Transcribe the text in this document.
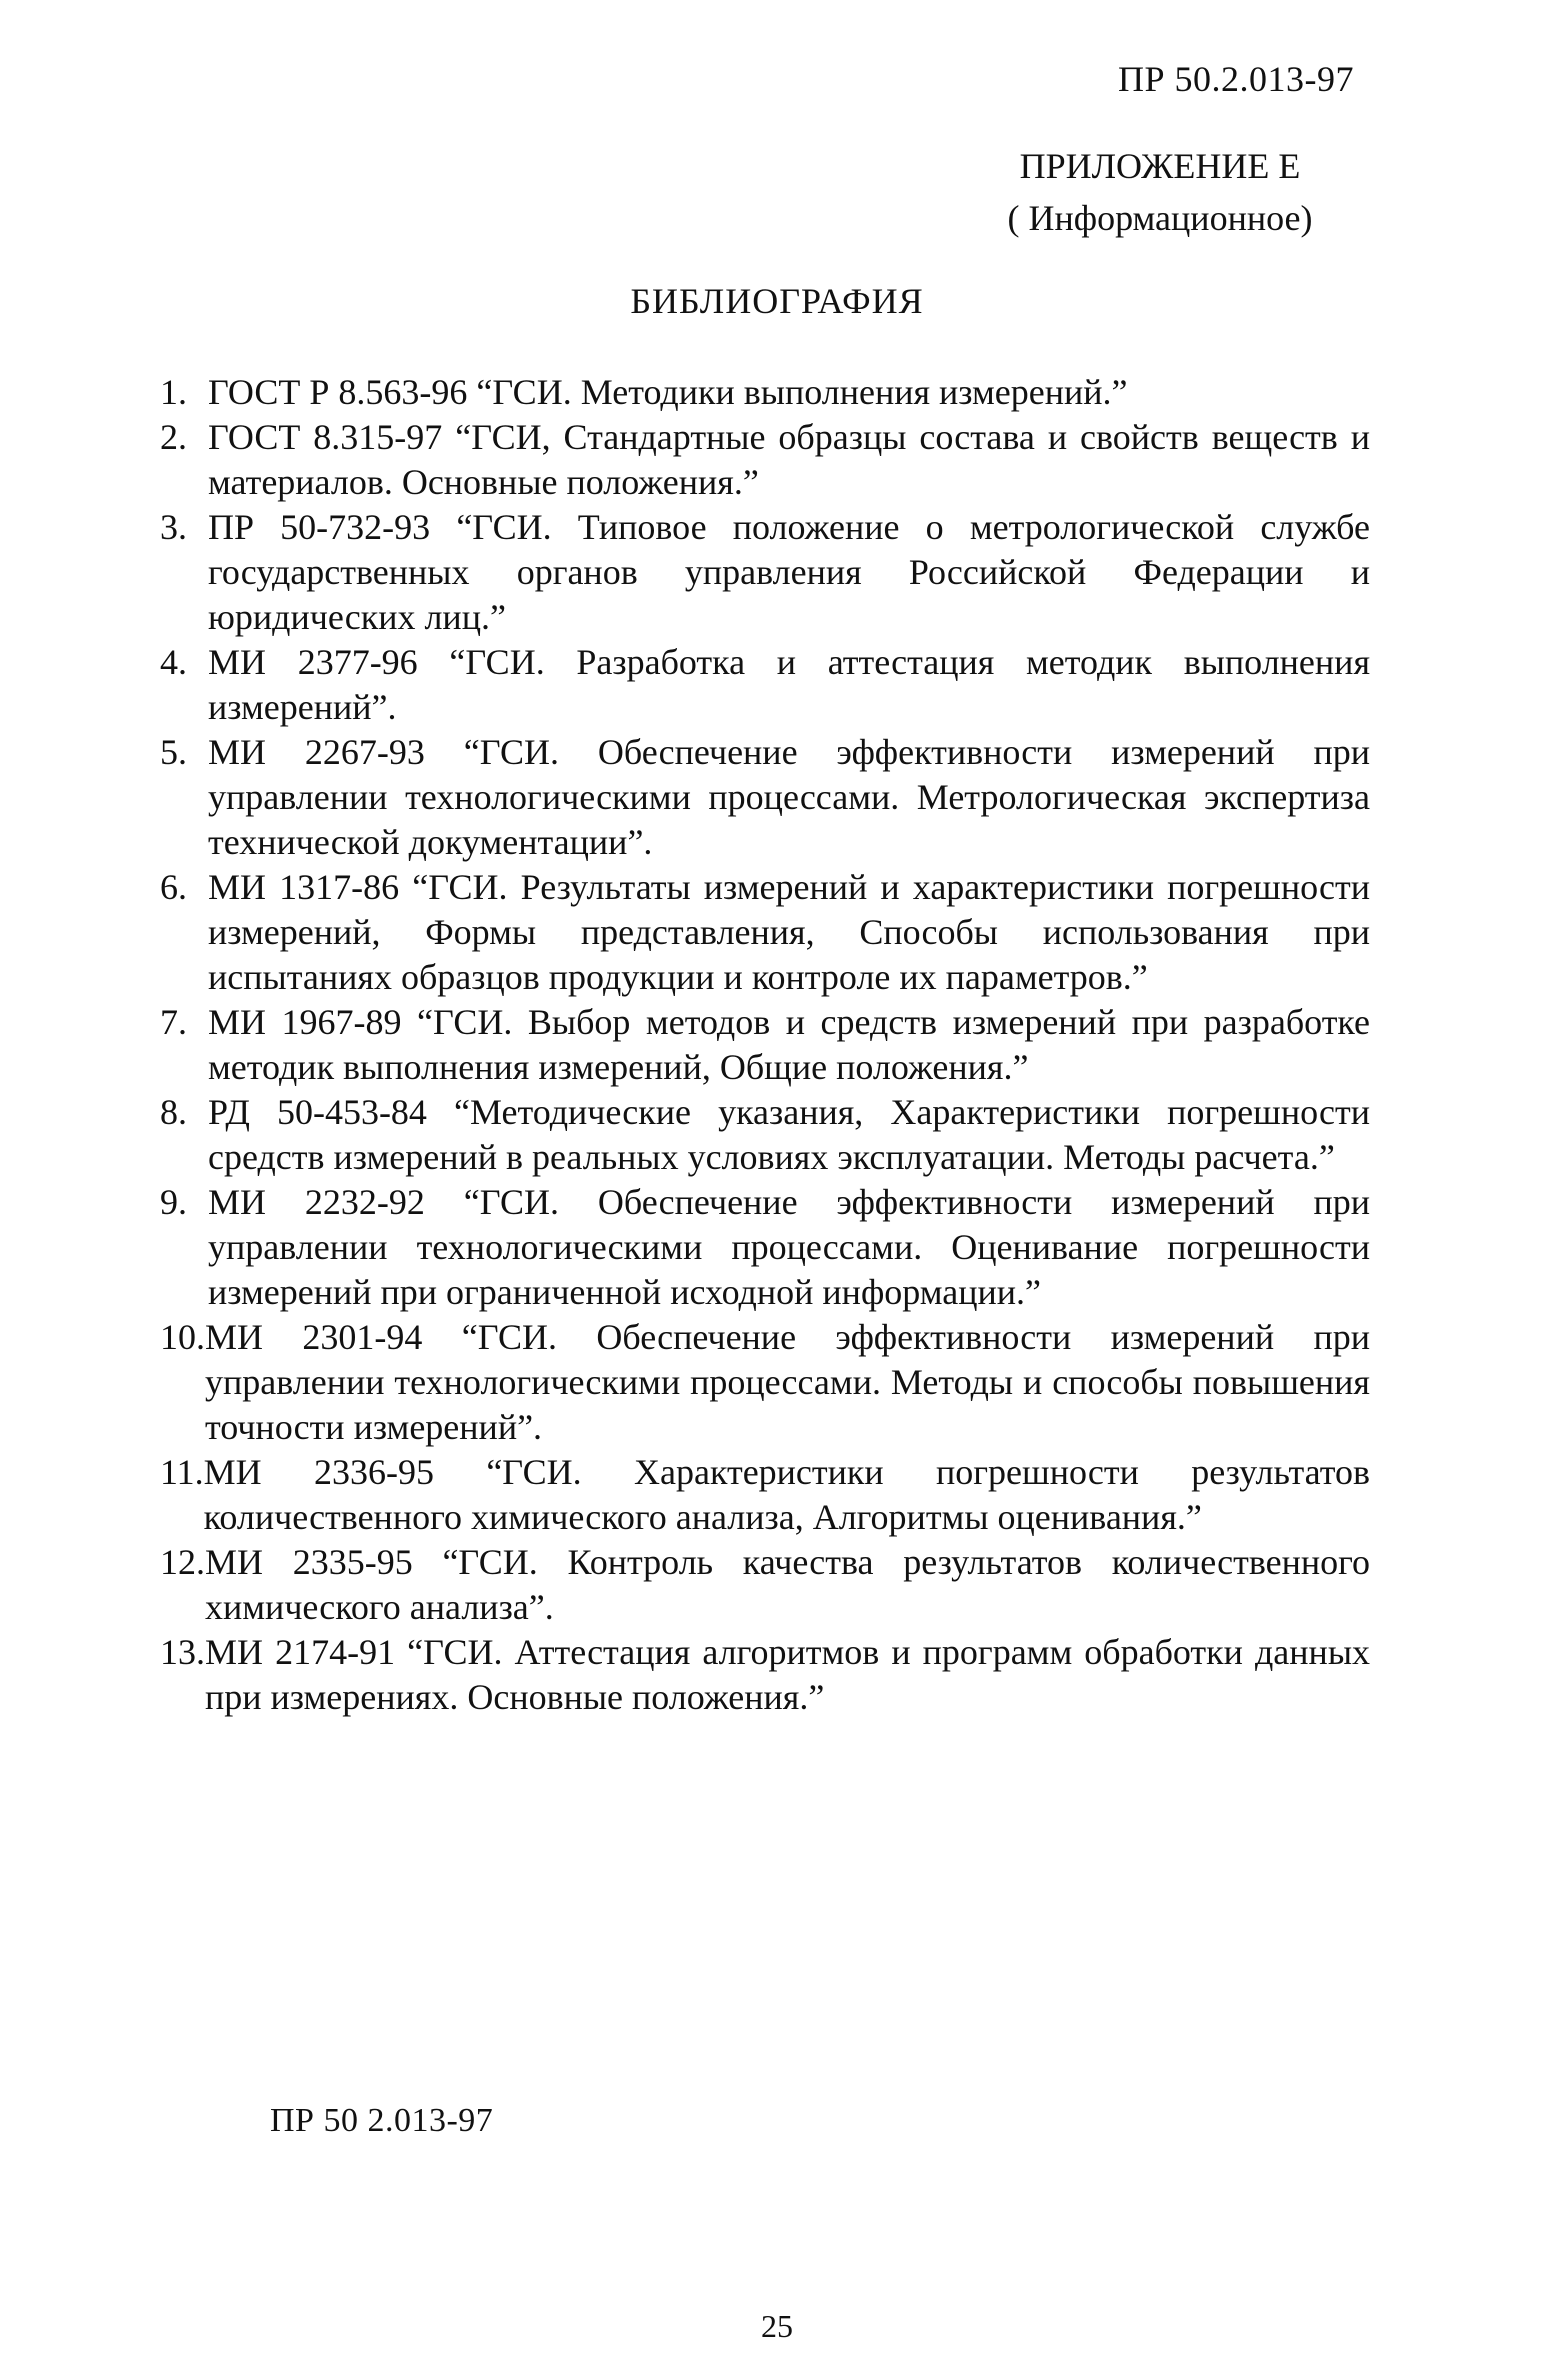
ПР 50.2.013-97
ПРИЛОЖЕНИЕ Е
( Информационное)
БИБЛИОГРАФИЯ
1. ГОСТ Р 8.563-96 “ГСИ. Методики выполнения измерений.”
2. ГОСТ 8.315-97 “ГСИ, Стандартные образцы состава и свойств веществ и материалов. Основные положения.”
3. ПР 50-732-93 “ГСИ. Типовое положение о метрологической службе государственных органов управления Российской Федерации и юридических лиц.”
4. МИ 2377-96 “ГСИ. Разработка и аттестация методик выполнения измерений”.
5. МИ 2267-93 “ГСИ. Обеспечение эффективности измерений при управлении технологическими процессами. Метрологическая экспертиза технической документации”.
6. МИ 1317-86 “ГСИ. Результаты измерений и характеристики погрешности измерений, Формы представления, Способы использования при испытаниях образцов продукции и контроле их параметров.”
7. МИ 1967-89 “ГСИ. Выбор методов и средств измерений при разработке методик выполнения измерений, Общие положения.”
8. РД 50-453-84 “Методические указания, Характеристики погрешности средств измерений в реальных условиях эксплуатации. Методы расчета.”
9. МИ 2232-92 “ГСИ. Обеспечение эффективности измерений при управлении технологическими процессами. Оценивание погрешности измерений при ограниченной исходной информации.”
10. МИ 2301-94 “ГСИ. Обеспечение эффективности измерений при управлении технологическими процессами. Методы и способы повышения точности измерений”.
11. МИ 2336-95 “ГСИ. Характеристики погрешности результатов количественного химического анализа, Алгоритмы оценивания.”
12. МИ 2335-95 “ГСИ. Контроль качества результатов количественного химического анализа”.
13. МИ 2174-91 “ГСИ. Аттестация алгоритмов и программ обработки данных при измерениях. Основные положения.”
ПР 50 2.013-97
25
